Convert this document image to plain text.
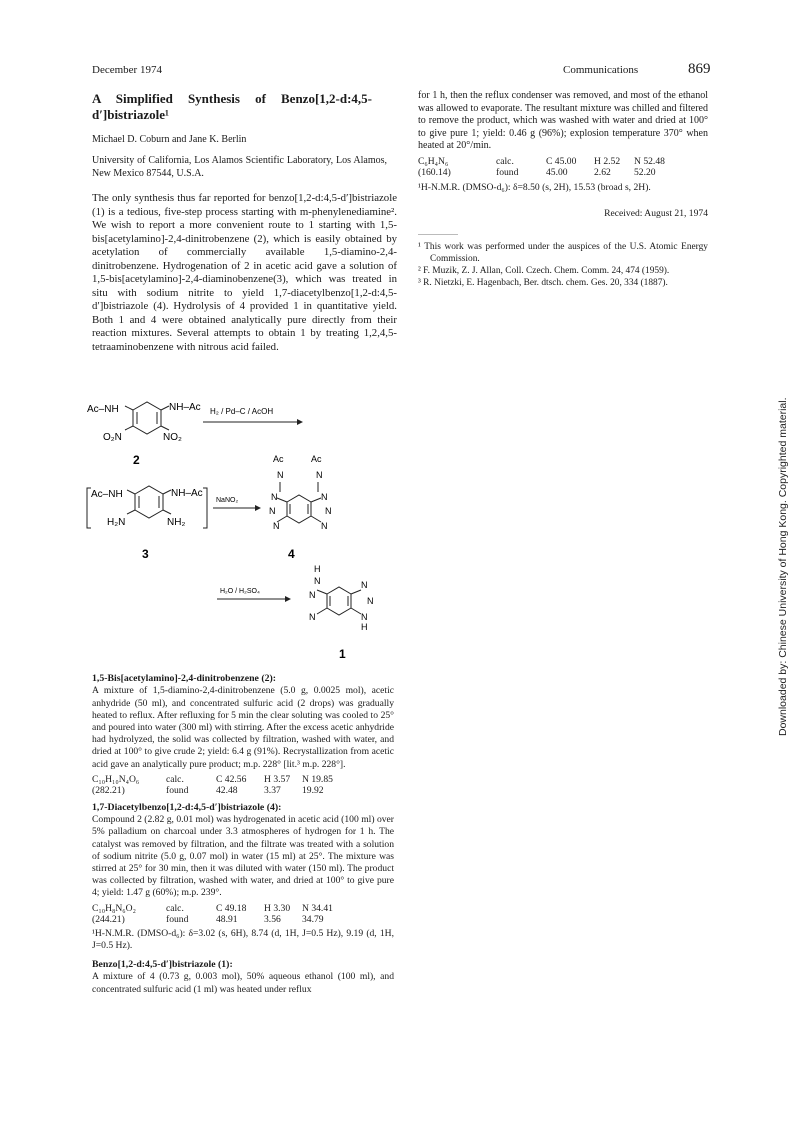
December 1974	Communications	869
A Simplified Synthesis of Benzo[1,2-d:4,5-d′]bistriazole¹
Michael D. Coburn and Jane K. Berlin
University of California, Los Alamos Scientific Laboratory, Los Alamos, New Mexico 87544, U.S.A.

The only synthesis thus far reported for benzo[1,2-d:4,5-d′]bistriazole (1) is a tedious, five-step process starting with m-phenylenediamine². We wish to report a more convenient route to 1 starting with 1,5-bis[acetylamino]-2,4-dinitrobenzene (2), which is easily obtained by acetylation of commercially available 1,5-diamino-2,4-dinitrobenzene. Hydrogenation of 2 in acetic acid gave a solution of 1,5-bis[acetylamino]-2,4-diaminobenzene(3), which was treated in situ with sodium nitrite to yield 1,7-diacetylbenzo[1,2-d:4,5-d′]bistriazole (4). Hydrolysis of 4 provided 1 in quantitative yield. Both 1 and 4 were obtained analytically pure directly from their reaction mixtures. Several attempts to obtain 1 by treating 1,2,4,5-tetraaminobenzene with nitrous acid failed.

Ac–NH	NH–Ac
O₂N	NO₂
2
H₂ / Pd–C / AcOH
Ac–NH	NH–Ac
H₂N	NH₂
3
NaNO₂
Ac	Ac
N	N
N	N
N	N
N	N
4
H₂O / H₂SO₄
H
N
N
N
N
N
N
H
1
1,5-Bis[acetylamino]-2,4-dinitrobenzene (2):

A mixture of 1,5-diamino-2,4-dinitrobenzene (5.0 g, 0.0025 mol), acetic anhydride (50 ml), and concentrated sulfuric acid (2 drops) was gradually heated to reflux. After refluxing for 5 min the clear soluting was cooled to 25° and poured into water (300 ml) with stirring. After the excess acetic anhydride had hydrolyzed, the solid was collected by filtration, washed with water, and dried at 100° to give crude 2; yield: 6.4 g (91%). Recrystallization from acetic acid gave an analytically pure product; m.p. 228° [lit.³ m.p. 228°].

C₁₀H₁₀N₄O₆	calc.	C 42.56	H 3.57	N 19.85
(282.21)	found	42.48	3.37	19.92
1,7-Diacetylbenzo[1,2-d:4,5-d′]bistriazole (4):

Compound 2 (2.82 g, 0.01 mol) was hydrogenated in acetic acid (100 ml) over 5% palladium on charcoal under 3.3 atmospheres of hydrogen for 1 h. The catalyst was removed by filtration, and the filtrate was treated with a solution of sodium nitrite (5.0 g, 0.07 mol) in water (15 ml) at 25°. The mixture was stirred at 25° for 30 min, then it was diluted with water (150 ml). The product was collected by filtration, washed with water, and dried at 100° to give pure 4; yield: 1.47 g (60%); m.p. 239°.

C₁₀H₈N₆O₂	calc.	C 49.18	H 3.30	N 34.41
(244.21)	found	48.91	3.56	34.79

¹H-N.M.R. (DMSO-d₆): δ=3.02 (s, 6H), 8.74 (d, 1H, J=0.5 Hz), 9.19 (d, 1H, J=0.5 Hz).

Benzo[1,2-d:4,5-d′]bistriazole (1):

A mixture of 4 (0.73 g, 0.003 mol), 50% aqueous ethanol (100 ml), and concentrated sulfuric acid (1 ml) was heated under reflux

for 1 h, then the reflux condenser was removed, and most of the ethanol was allowed to evaporate. The resultant mixture was chilled and filtered to remove the product, which was washed with water and dried at 100° to give pure 1; yield: 0.46 g (96%); explosion temperature 370° when heated at 20°/min.

C₆H₄N₆	calc.	C 45.00	H 2.52	N 52.48
(160.14)	found	45.00	2.62	52.20

¹H-N.M.R. (DMSO-d₆): δ=8.50 (s, 2H), 15.53 (broad s, 2H).

Received: August 21, 1974
¹ This work was performed under the auspices of the U.S. Atomic Energy Commission.
² F. Muzik, Z. J. Allan, Coll. Czech. Chem. Comm. 24, 474 (1959).
³ R. Nietzki, E. Hagenbach, Ber. dtsch. chem. Ges. 20, 334 (1887).
Downloaded by: Chinese University of Hong Kong. Copyrighted material.
